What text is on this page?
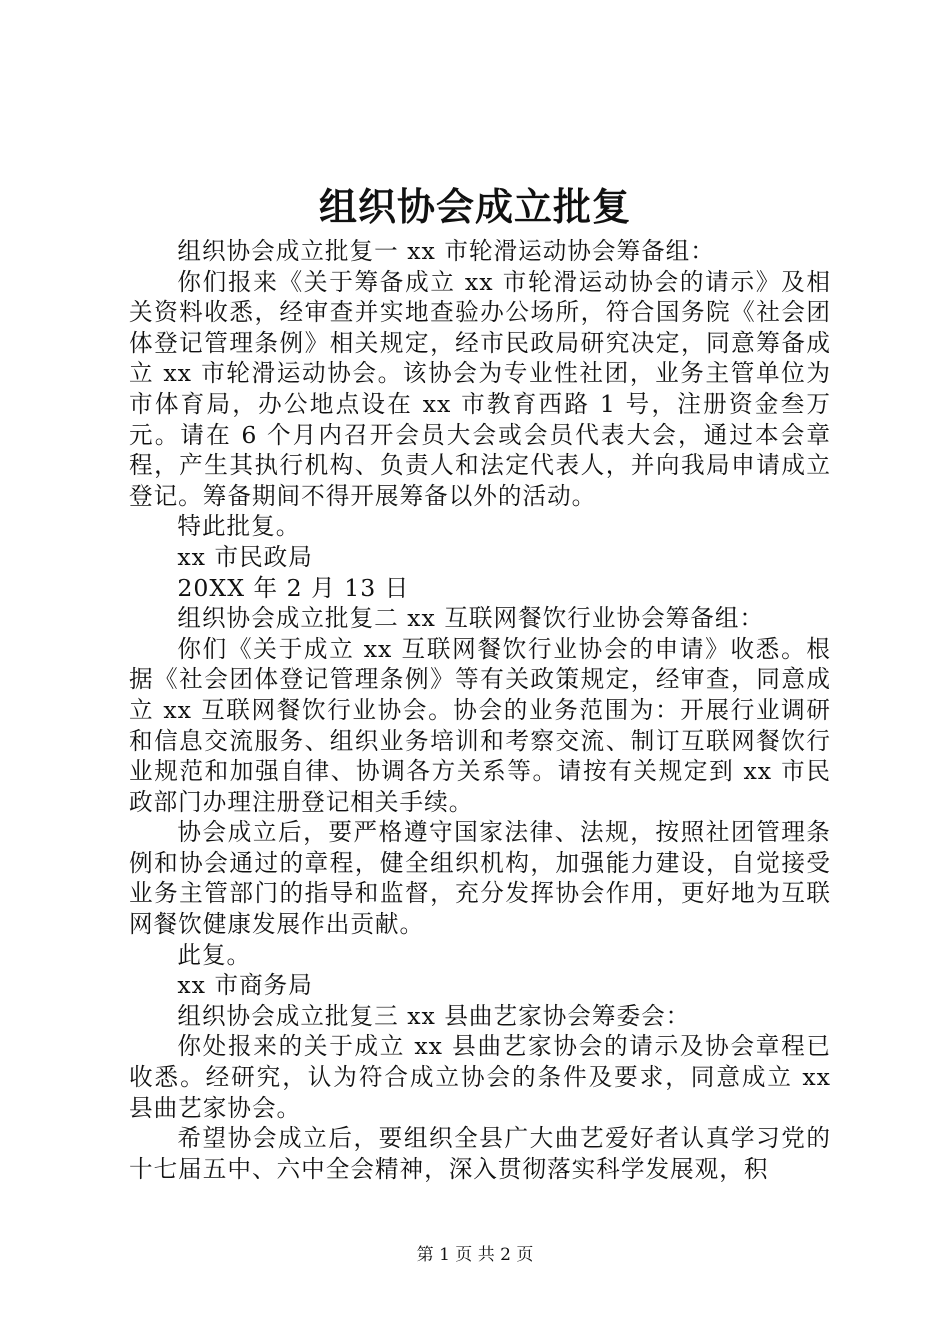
组织协会成立批复

组织协会成立批复一 xx 市轮滑运动协会筹备组：

你们报来《关于筹备成立 xx 市轮滑运动协会的请示》及相关资料收悉，经审查并实地查验办公场所，符合国务院《社会团体登记管理条例》相关规定，经市民政局研究决定，同意筹备成立 xx 市轮滑运动协会。该协会为专业性社团，业务主管单位为市体育局，办公地点设在 xx 市教育西路 1 号，注册资金叁万元。请在 6 个月内召开会员大会或会员代表大会，通过本会章程，产生其执行机构、负责人和法定代表人，并向我局申请成立登记。筹备期间不得开展筹备以外的活动。

特此批复。

xx 市民政局

20XX 年 2 月 13 日

组织协会成立批复二 xx 互联网餐饮行业协会筹备组：

你们《关于成立 xx 互联网餐饮行业协会的申请》收悉。根据《社会团体登记管理条例》等有关政策规定，经审查，同意成立 xx 互联网餐饮行业协会。协会的业务范围为：开展行业调研和信息交流服务、组织业务培训和考察交流、制订互联网餐饮行业规范和加强自律、协调各方关系等。请按有关规定到 xx 市民政部门办理注册登记相关手续。

协会成立后，要严格遵守国家法律、法规，按照社团管理条例和协会通过的章程，健全组织机构，加强能力建设，自觉接受业务主管部门的指导和监督，充分发挥协会作用，更好地为互联网餐饮健康发展作出贡献。

此复。

xx 市商务局

组织协会成立批复三 xx 县曲艺家协会筹委会：

你处报来的关于成立 xx 县曲艺家协会的请示及协会章程已收悉。经研究，认为符合成立协会的条件及要求，同意成立 xx 县曲艺家协会。

希望协会成立后，要组织全县广大曲艺爱好者认真学习党的十七届五中、六中全会精神，深入贯彻落实科学发展观，积

第 1 页 共 2 页
